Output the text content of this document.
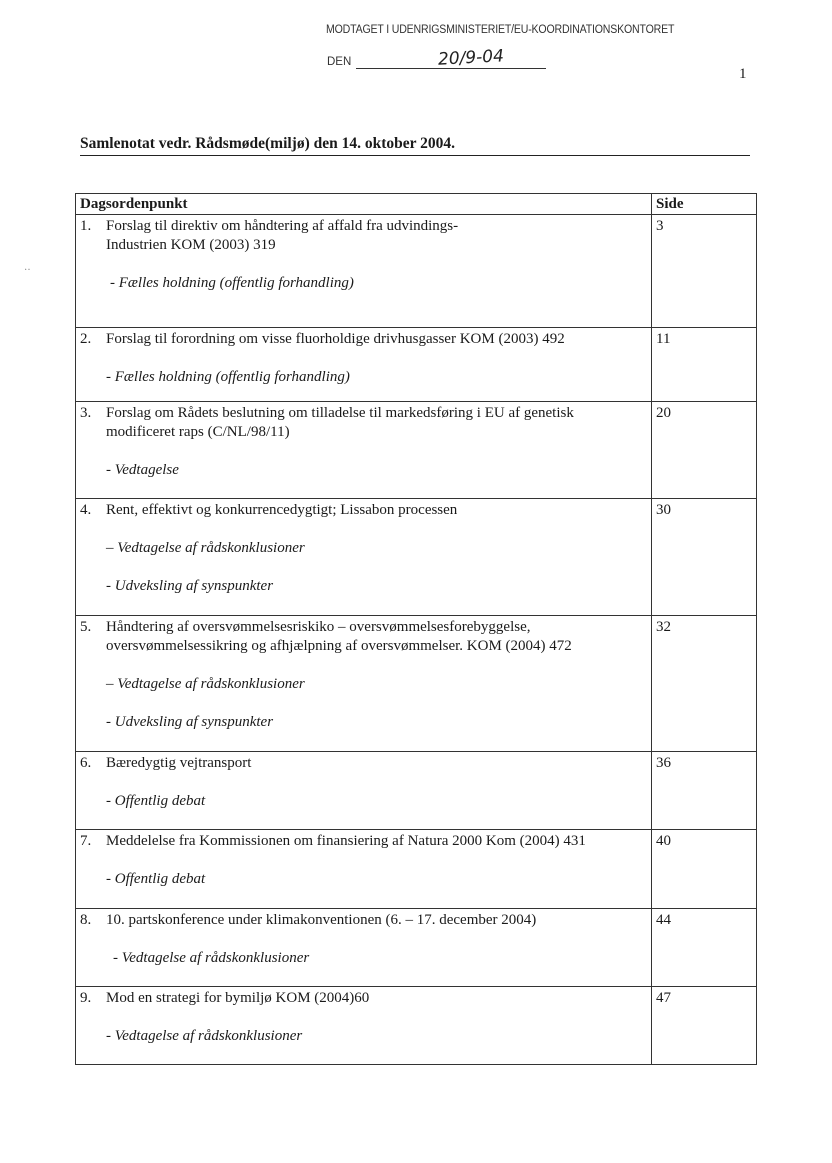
MODTAGET I UDENRIGSMINISTERIET/EU-KOORDINATIONSKONTORET
DEN	20/9-04
1
‥
Samlenotat vedr. Rådsmøde(miljø) den 14. oktober 2004.
Dagsordenpunkt	Side
1. Forslag til direktiv om håndtering af affald fra udvindings-
Industrien KOM (2003) 319
- Fælles holdning (offentlig forhandling)
3
2. Forslag til forordning om visse fluorholdige drivhusgasser KOM (2003) 492
- Fælles holdning (offentlig forhandling)
11
3. Forslag om Rådets beslutning om tilladelse til markedsføring i EU af genetisk
modificeret raps (C/NL/98/11)
- Vedtagelse
20
4. Rent, effektivt og konkurrencedygtigt; Lissabon processen
– Vedtagelse af rådskonklusioner
- Udveksling af synspunkter
30
5. Håndtering af oversvømmelsesriskiko – oversvømmelsesforebyggelse,
oversvømmelsessikring og afhjælpning af oversvømmelser. KOM (2004) 472
– Vedtagelse af rådskonklusioner
- Udveksling af synspunkter
32
6. Bæredygtig vejtransport
- Offentlig debat
36
7. Meddelelse fra Kommissionen om finansiering af Natura 2000 Kom (2004) 431
- Offentlig debat
40
8. 10. partskonference under klimakonventionen (6. – 17. december 2004)
- Vedtagelse af rådskonklusioner
44
9. Mod en strategi for bymiljø KOM (2004)60
- Vedtagelse af rådskonklusioner
47
